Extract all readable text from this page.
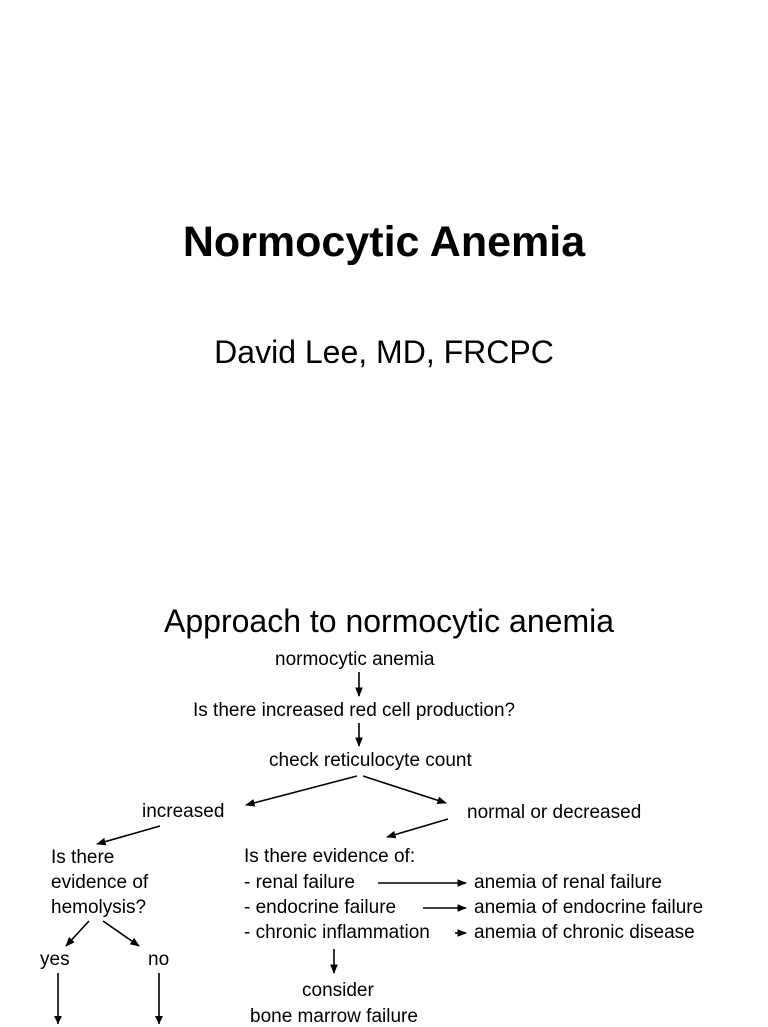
Normocytic Anemia
David Lee, MD, FRCPC
Approach to normocytic anemia
normocytic anemia
Is there increased red cell production?
check reticulocyte count
increased	normal or decreased
Is there
evidence of
hemolysis?
Is there evidence of:
- renal failure
- endocrine failure
- chronic inflammation
anemia of renal failure
anemia of endocrine failure
anemia of chronic disease
yes	no
consider
bone marrow failure
